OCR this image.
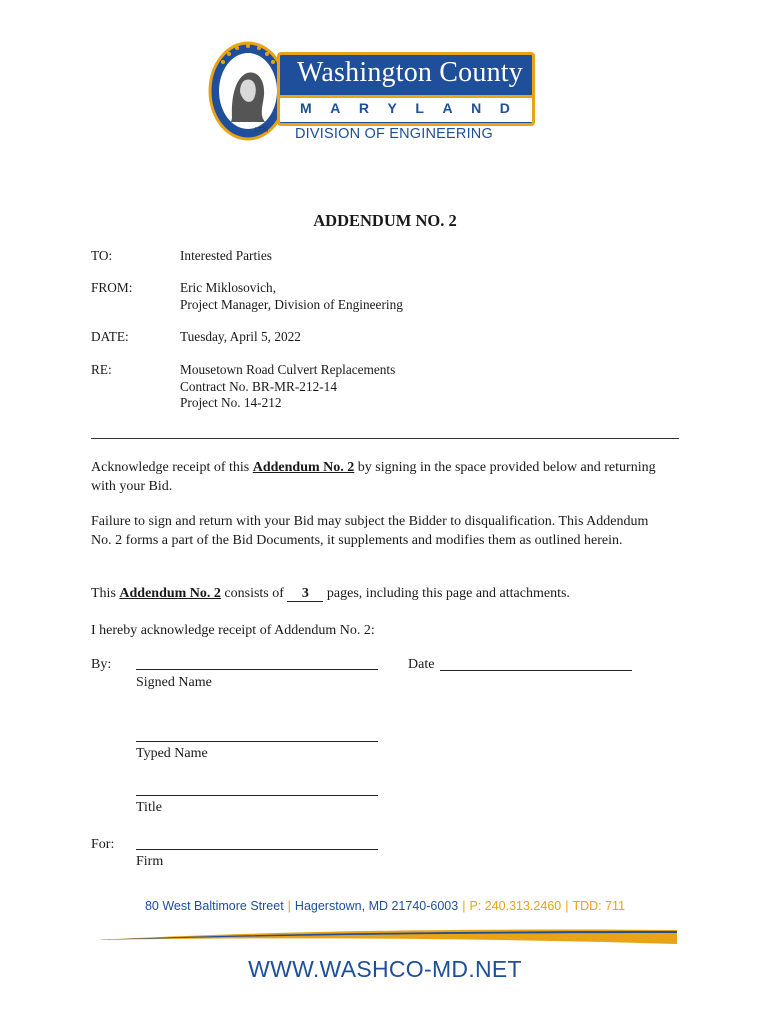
1776
Washington County
M A R Y L A N D
DIVISION OF ENGINEERING
ADDENDUM NO. 2
TO:	Interested Parties
FROM:	Eric Miklosovich,
Project Manager, Division of Engineering
DATE:	Tuesday, April 5, 2022
RE:	Mousetown Road Culvert Replacements
Contract No. BR-MR-212-14
Project No. 14-212
Acknowledge receipt of this Addendum No. 2 by signing in the space provided below and returning with your Bid.
Failure to sign and return with your Bid may subject the Bidder to disqualification. This Addendum No. 2 forms a part of the Bid Documents, it supplements and modifies them as outlined herein.
This Addendum No. 2 consists of 3 pages, including this page and attachments.
I hereby acknowledge receipt of Addendum No. 2:
By:
Signed Name
Date
Typed Name
Title
For:
Firm
80 West Baltimore Street | Hagerstown, MD 21740-6003 | P: 240.313.2460 | TDD: 711
WWW.WASHCO-MD.NET
